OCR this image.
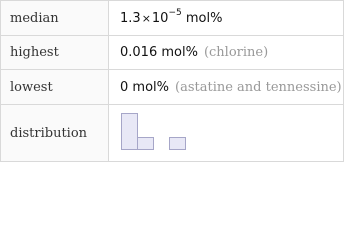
median	$1.3\times 10^{-5}$ mol%
highest	0.016 mol% (chlorine)
lowest	0 mol% (astatine and tennessine)
distribution	
